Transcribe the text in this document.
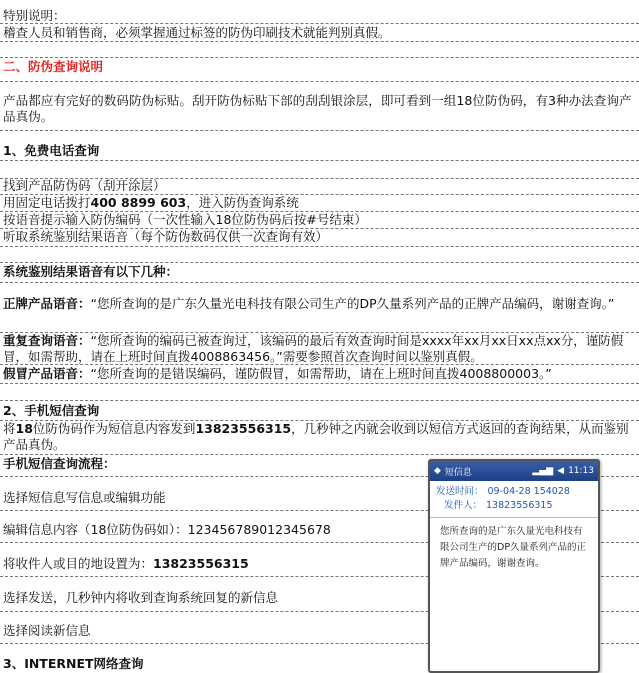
特别说明：
稽查人员和销售商，必须掌握通过标签的防伪印刷技术就能判别真假。
二、防伪查询说明
产品都应有完好的数码防伪标贴。刮开防伪标贴下部的刮刮银涂层，即可看到一组18位防伪码，有3种办法查询产品真伪。
1、免费电话查询
找到产品防伪码（刮开涂层）
用固定电话拨打400 8899 603，进入防伪查询系统
按语音提示输入防伪编码（一次性输入18位防伪码后按#号结束）
听取系统鉴别结果语音（每个防伪数码仅供一次查询有效）
系统鉴别结果语音有以下几种：
正牌产品语音：“您所查询的是广东久量光电科技有限公司生产的DP久量系列产品的正牌产品编码，谢谢查询。”
重复查询语音：“您所查询的编码已被查询过，该编码的最后有效查询时间是xxxx年xx月xx日xx点xx分，谨防假冒，如需帮助，请在上班时间直拨4008863456。”需要参照首次查询时间以鉴别真假。
假冒产品语音：“您所查询的是错误编码，谨防假冒，如需帮助，请在上班时间直拨4008800003。”
2、手机短信查询
将18位防伪码作为短信息内容发到13823556315，几秒钟之内就会收到以短信方式返回的查询结果，从而鉴别产品真伪。
手机短信查询流程：
选择短信息写信息或编辑功能
编辑信息内容（18位防伪码如）：123456789012345678
将收件人或目的地设置为：13823556315
选择发送，几秒钟内将收到查询系统回复的新信息
选择阅读新信息
3、INTERNET网络查询
◆ 短信息	▂▄▆ ◀ 11:13
发送时间： 09-04-28 154028
发件人： 13823556315
您所查询的是广东久量光电科技有限公司生产的DP久量系列产品的正牌产品编码，谢谢查询。
